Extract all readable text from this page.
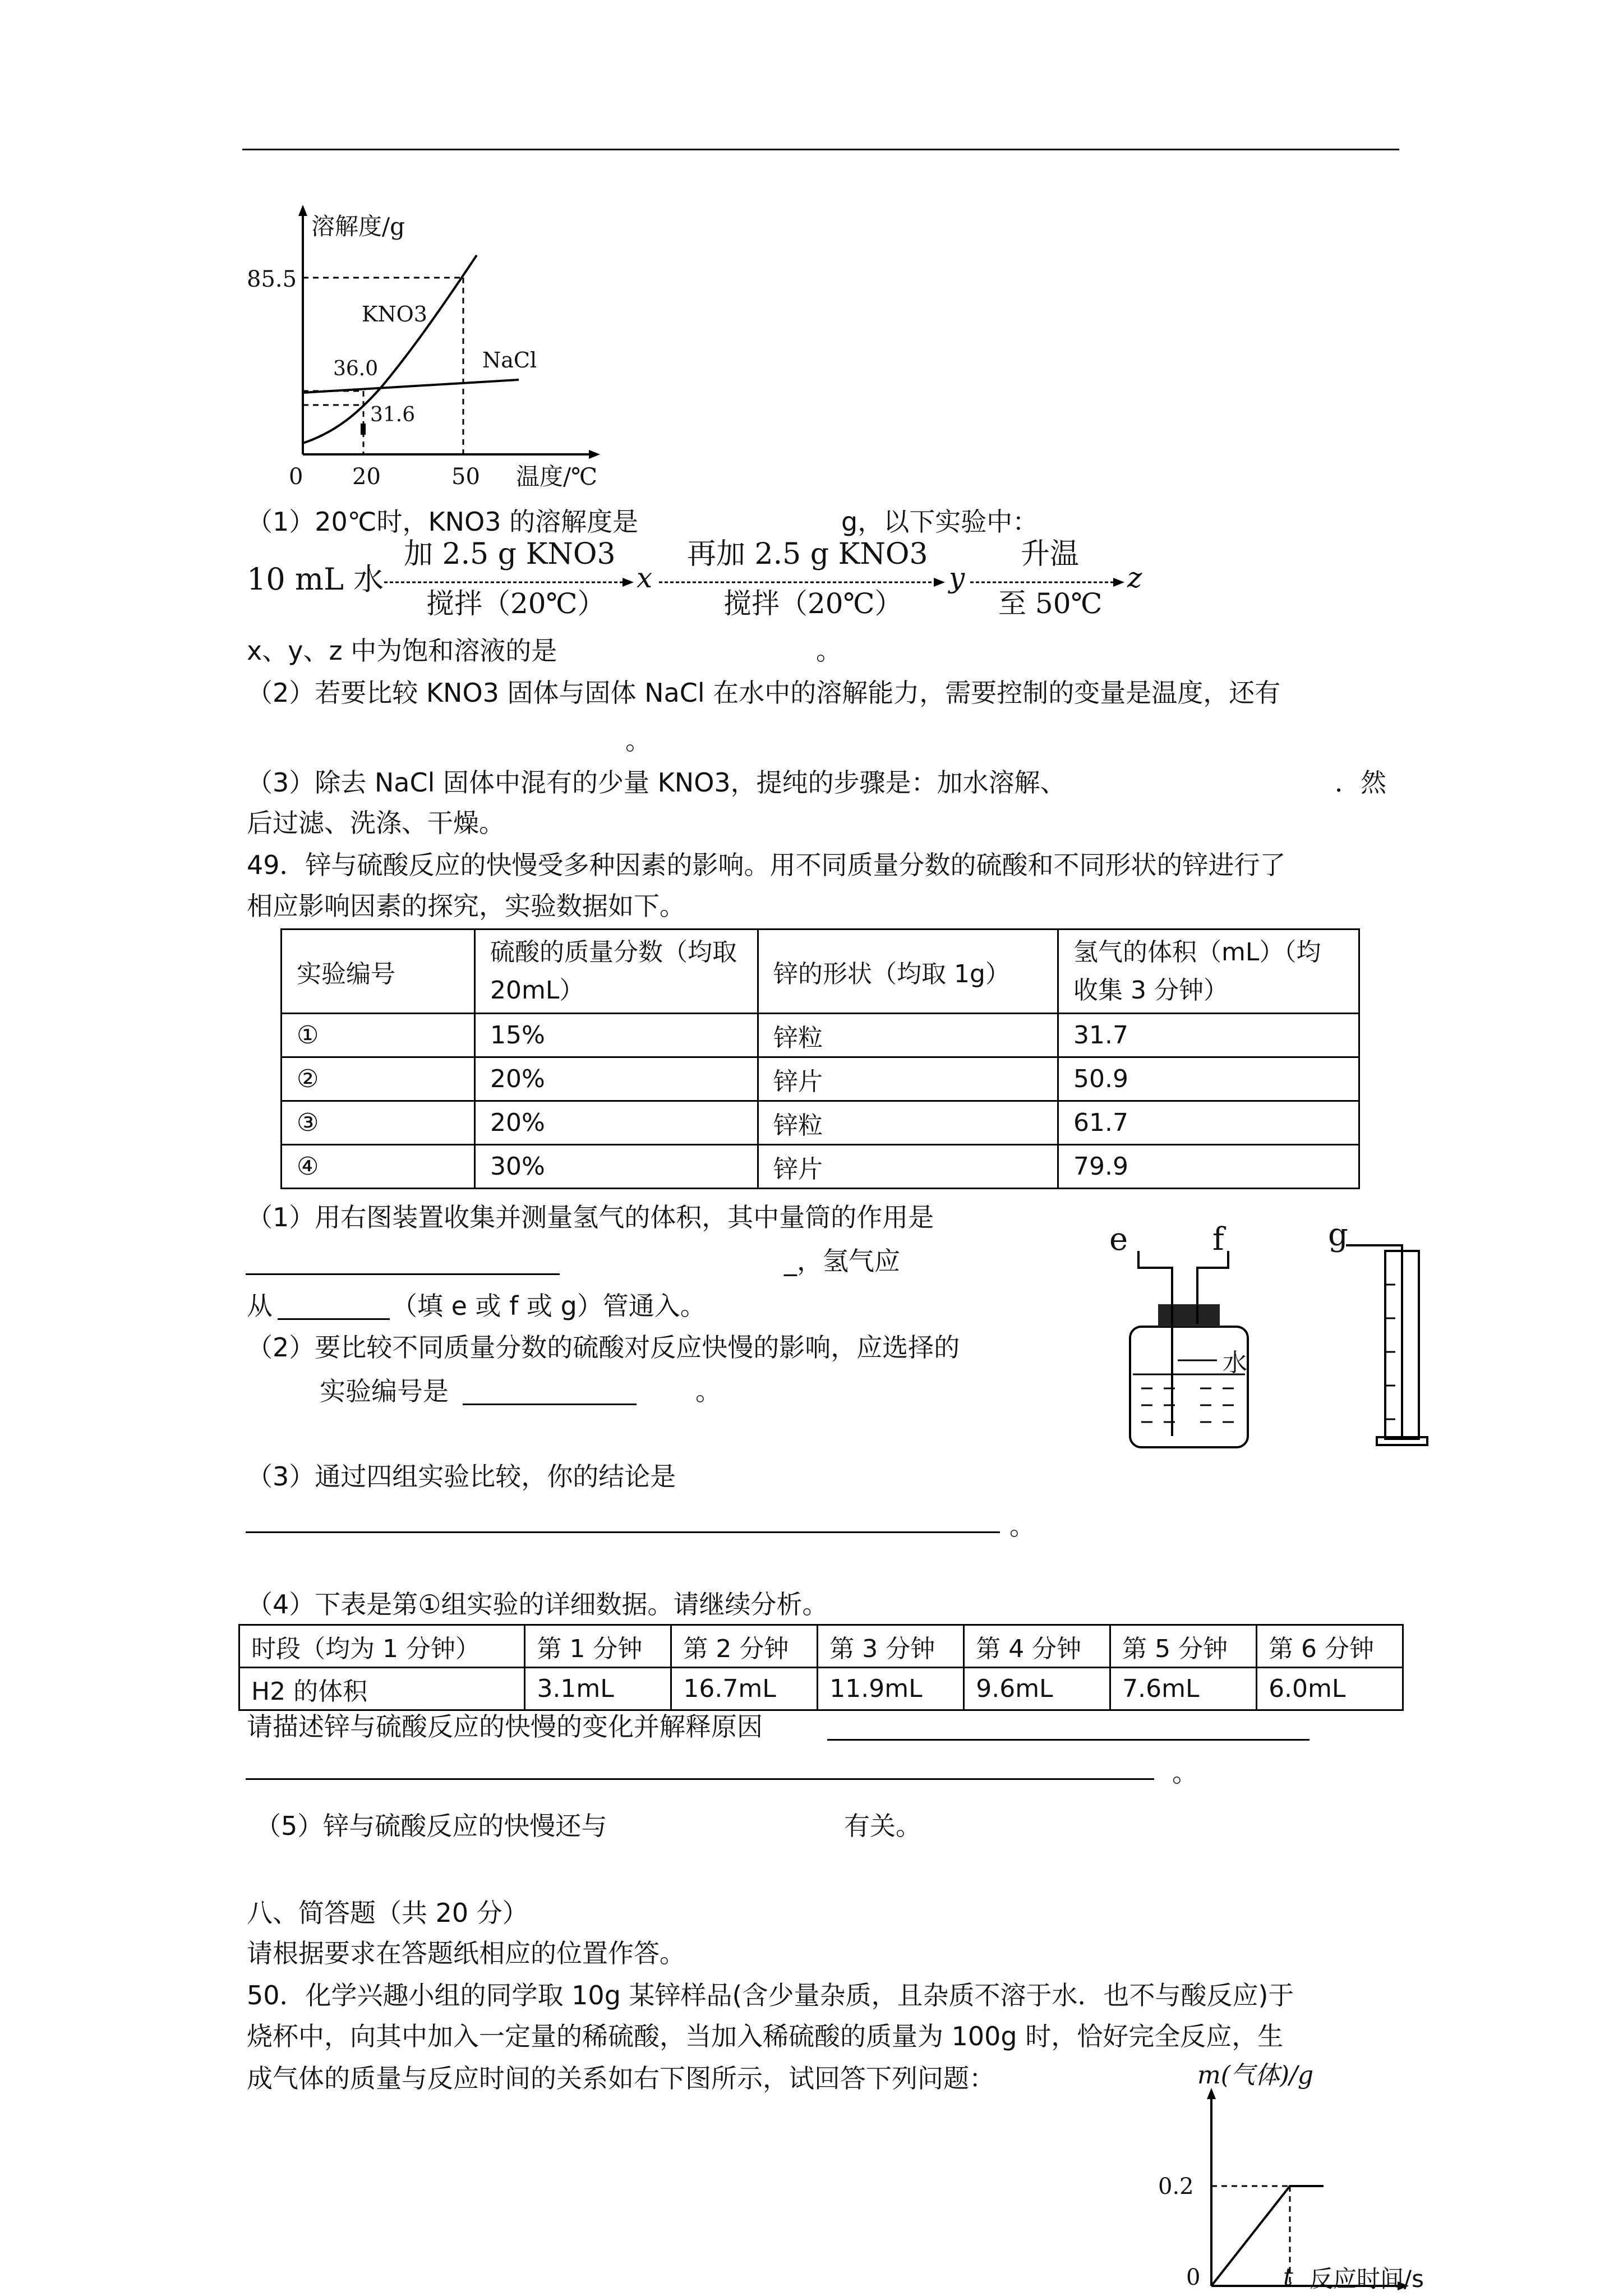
溶解度/g
85.5
36.0
31.6
KNO3
NaCl
0 20	50 温度/℃
（1）20℃时，KNO3 的溶解度是	g，以下实验中：
10 mL 水
加 2.5 g KNO3
搅拌（20℃）
x
再加 2.5 g KNO3
搅拌（20℃）
y
升温
至 50℃
z
x、y、z 中为饱和溶液的是	。
（2）若要比较 KNO3 固体与固体 NaCl 在水中的溶解能力，需要控制的变量是温度，还有
。
（3）除去 NaCl 固体中混有的少量 KNO3，提纯的步骤是：加水溶解、	．然
后过滤、洗涤、干燥。
49．锌与硫酸反应的快慢受多种因素的影响。用不同质量分数的硫酸和不同形状的锌进行了
相应影响因素的探究，实验数据如下。
实验编号	硫酸的质量分数（均取 20mL）	锌的形状（均取 1g）	氢气的体积（mL）（均收集 3 分钟）
①	15%	锌粒	31.7
②	20%	锌片	50.9
③	20%	锌粒	61.7
④	30%	锌片	79.9
（1）用右图装置收集并测量氢气的体积，其中量筒的作用是
_，氢气应
从	（填 e 或 f 或 g）管通入。
（2）要比较不同质量分数的硫酸对反应快慢的影响，应选择的
实验编号是	。
e	f	g
水
（3）通过四组实验比较，你的结论是
。
（4）下表是第①组实验的详细数据。请继续分析。
时段（均为 1 分钟）	第 1 分钟	第 2 分钟	第 3 分钟	第 4 分钟	第 5 分钟	第 6 分钟
H2 的体积	3.1mL	16.7mL	11.9mL	9.6mL	7.6mL	6.0mL
请描述锌与硫酸反应的快慢的变化并解释原因
。
（5）锌与硫酸反应的快慢还与	有关。
八、简答题（共 20 分）
请根据要求在答题纸相应的位置作答。
50．化学兴趣小组的同学取 10g 某锌样品(含少量杂质，且杂质不溶于水．也不与酸反应)于
烧杯中，向其中加入一定量的稀硫酸，当加入稀硫酸的质量为 100g 时，恰好完全反应，生
成气体的质量与反应时间的关系如右下图所示，试回答下列问题：	m(气体)/g
0.2
0	t 反应时间/s
